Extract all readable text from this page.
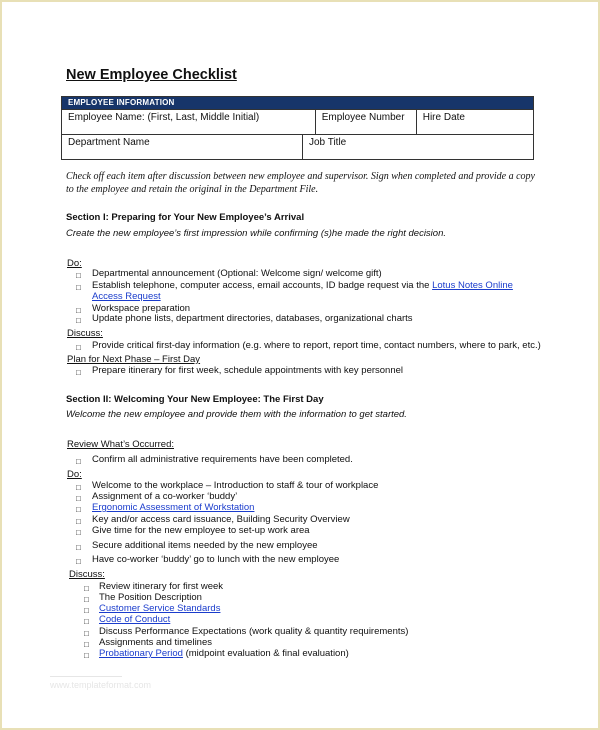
New Employee Checklist
EMPLOYEE INFORMATION			
Employee Name: (First, Last, Middle Initial)		Employee Number	Hire Date
Department Name	Job Title		
Check off each item after discussion between new employee and supervisor. Sign when completed and provide a copy to the employee and retain the original in the Department File.
Section I: Preparing for Your New Employee’s Arrival
Create the new employee’s first impression while confirming (s)he made the right decision.
Do:
□ Departmental announcement (Optional: Welcome sign/ welcome gift)
□ Establish telephone, computer access, email accounts, ID badge request via the Lotus Notes Online
Access Request
□ Workspace preparation
□ Update phone lists, department directories, databases, organizational charts
Discuss:
□ Provide critical first-day information (e.g. where to report, report time, contact numbers, where to park, etc.)
Plan for Next Phase – First Day
□ Prepare itinerary for first week, schedule appointments with key personnel
Section II: Welcoming Your New Employee: The First Day
Welcome the new employee and provide them with the information to get started.
Review What’s Occurred:
□ Confirm all administrative requirements have been completed.
Do:
□ Welcome to the workplace – Introduction to staff & tour of workplace
□ Assignment of a co-worker ‘buddy’
□ Ergonomic Assessment of Workstation
□ Key and/or access card issuance, Building Security Overview
□ Give time for the new employee to set-up work area
□ Secure additional items needed by the new employee
□ Have co-worker ‘buddy’ go to lunch with the new employee
Discuss:
□ Review itinerary for first week
□ The Position Description
□ Customer Service Standards
□ Code of Conduct
□ Discuss Performance Expectations (work quality & quantity requirements)
□ Assignments and timelines
□ Probationary Period (midpoint evaluation & final evaluation)
www.templateformat.com
